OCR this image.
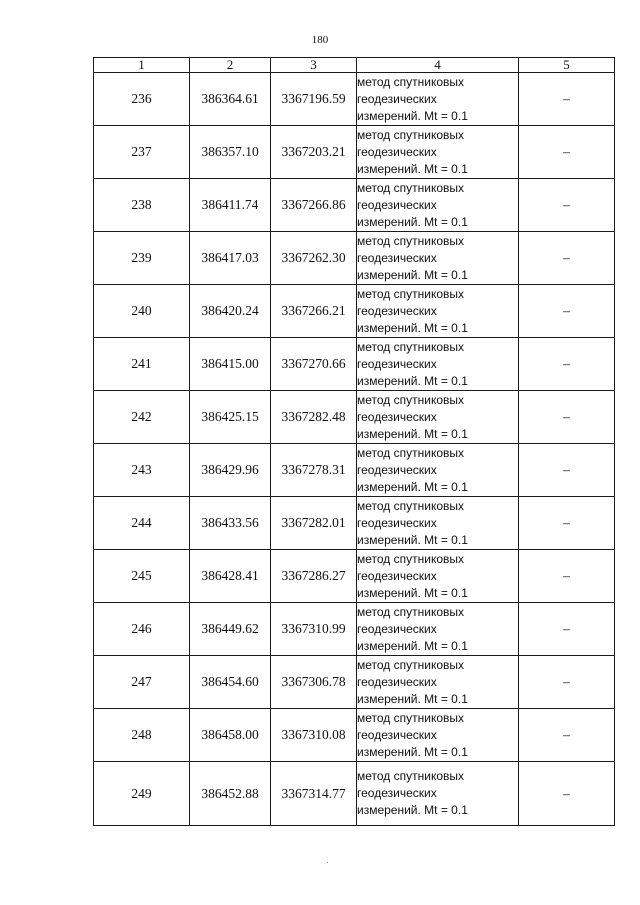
180
1	2	3	4	5
236	386364.61	3367196.59	метод спутниковых
геодезических
измерений. Mt = 0.1	–
237	386357.10	3367203.21	метод спутниковых
геодезических
измерений. Mt = 0.1	–
238	386411.74	3367266.86	метод спутниковых
геодезических
измерений. Mt = 0.1	–
239	386417.03	3367262.30	метод спутниковых
геодезических
измерений. Mt = 0.1	–
240	386420.24	3367266.21	метод спутниковых
геодезических
измерений. Mt = 0.1	–
241	386415.00	3367270.66	метод спутниковых
геодезических
измерений. Mt = 0.1	–
242	386425.15	3367282.48	метод спутниковых
геодезических
измерений. Mt = 0.1	–
243	386429.96	3367278.31	метод спутниковых
геодезических
измерений. Mt = 0.1	–
244	386433.56	3367282.01	метод спутниковых
геодезических
измерений. Mt = 0.1	–
245	386428.41	3367286.27	метод спутниковых
геодезических
измерений. Mt = 0.1	–
246	386449.62	3367310.99	метод спутниковых
геодезических
измерений. Mt = 0.1	–
247	386454.60	3367306.78	метод спутниковых
геодезических
измерений. Mt = 0.1	–
248	386458.00	3367310.08	метод спутниковых
геодезических
измерений. Mt = 0.1	–
249	386452.88	3367314.77	метод спутниковых
геодезических
измерений. Mt = 0.1	–
